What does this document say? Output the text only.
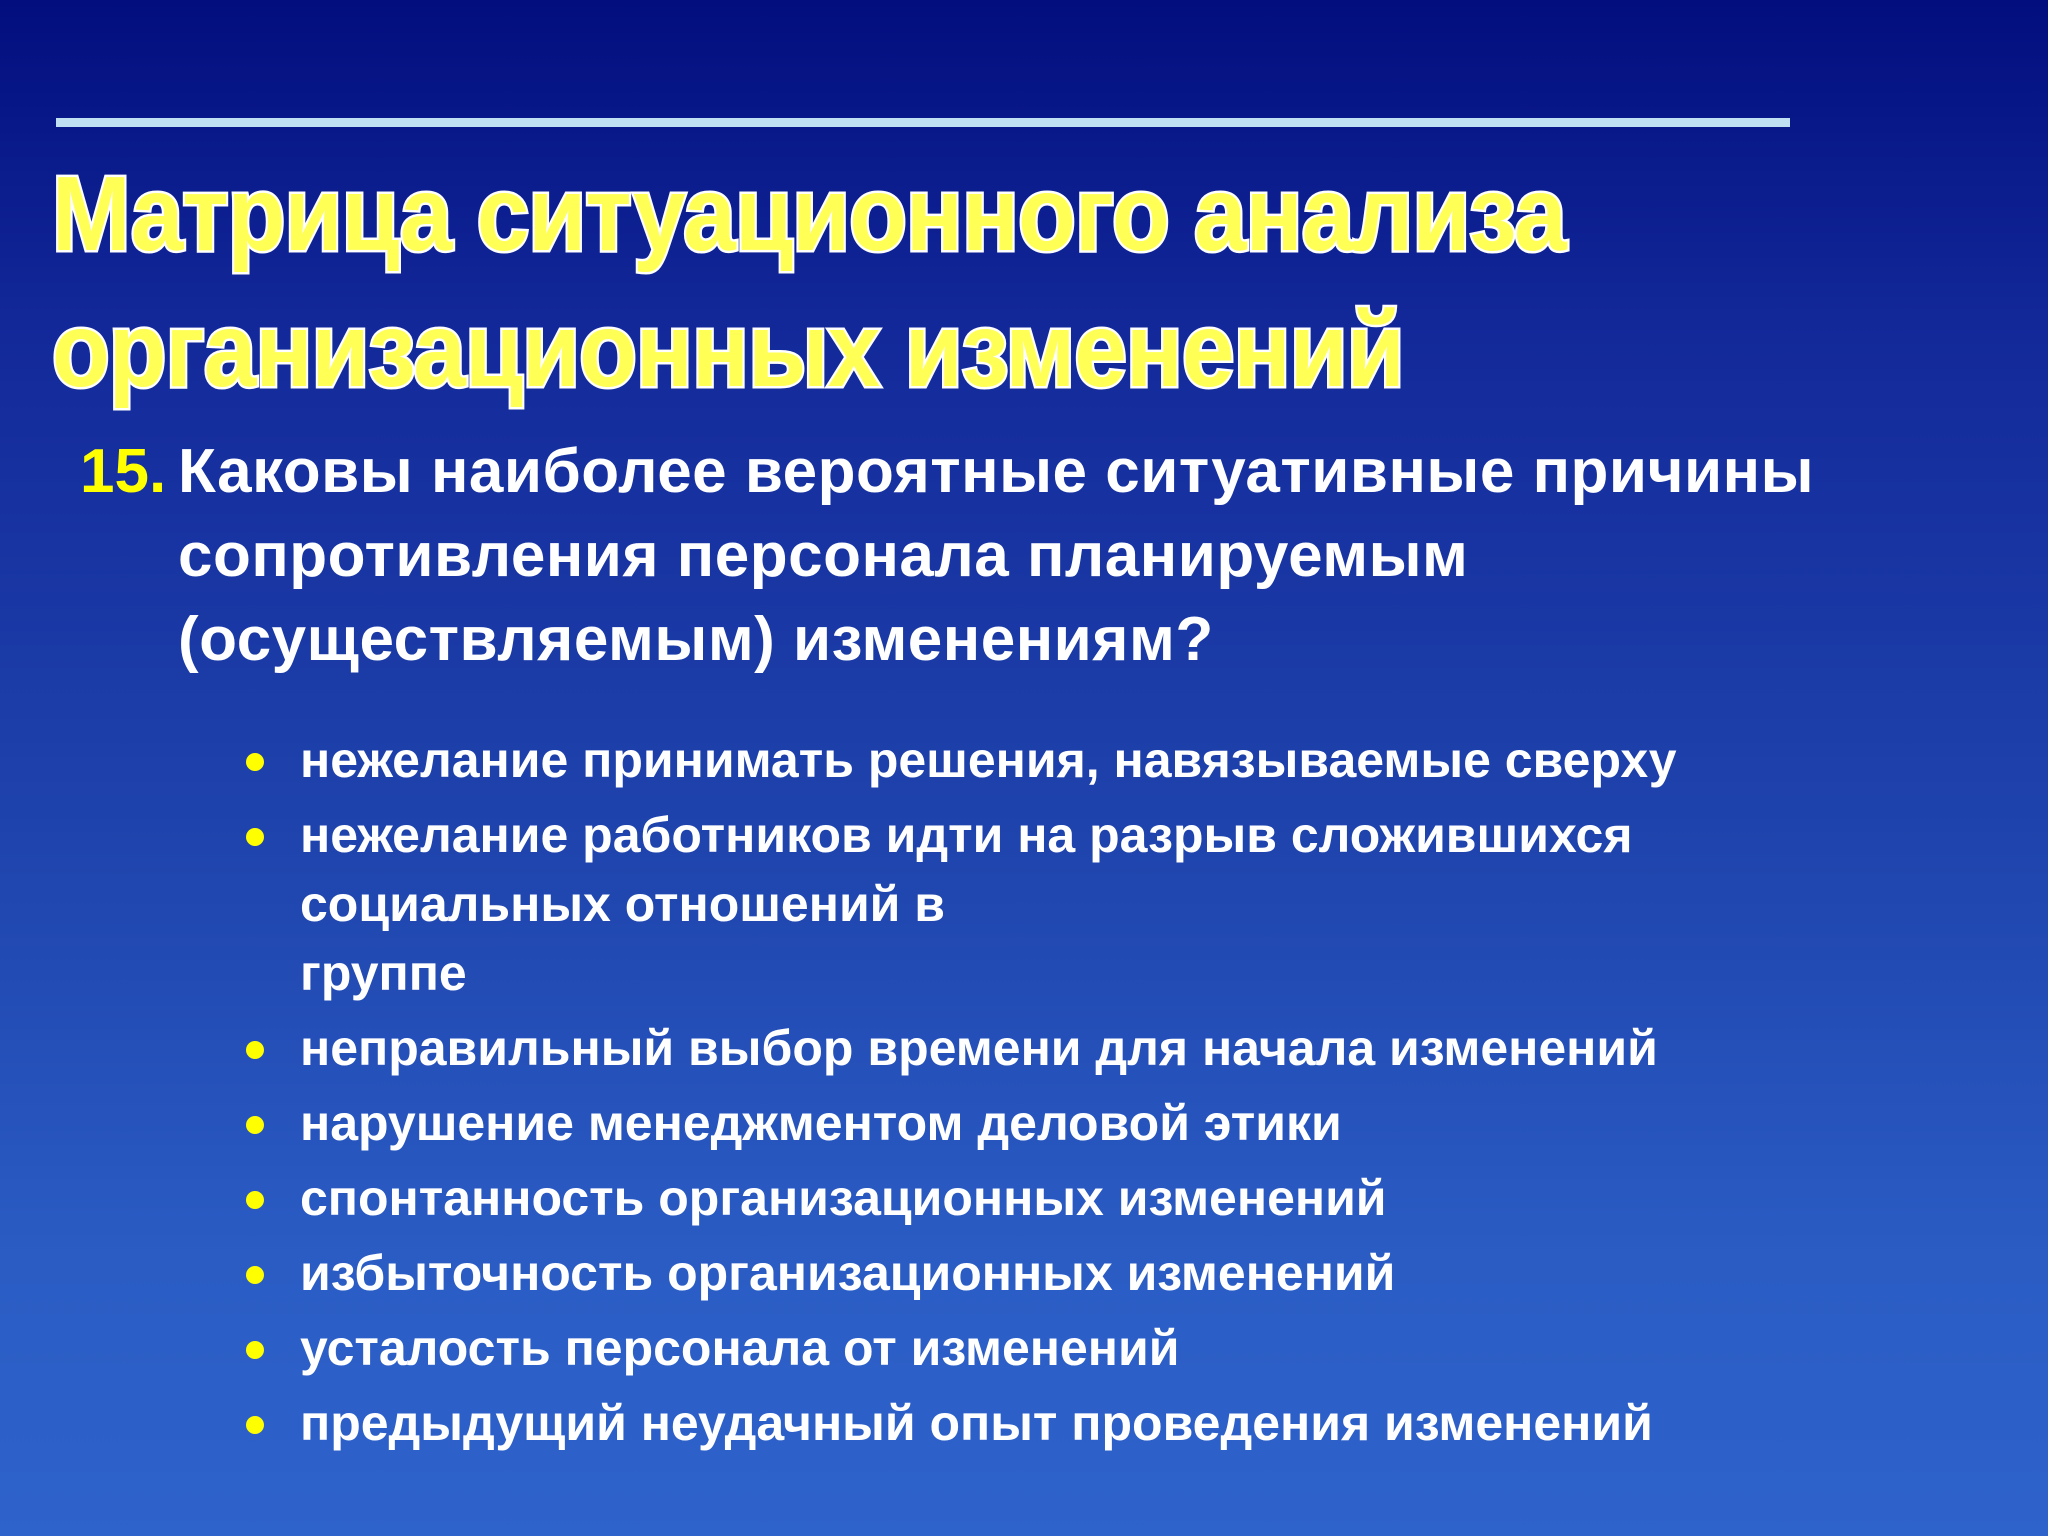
Матрица ситуационного анализа
организационных изменений
15. Каковы наиболее вероятные ситуативные причины
сопротивления персонала планируемым
(осуществляемым) изменениям?
нежелание принимать решения, навязываемые сверху
нежелание работников идти на разрыв сложившихся
социальных отношений в
группе
неправильный выбор времени для начала изменений
нарушение менеджментом деловой этики
спонтанность организационных изменений
избыточность организационных изменений
усталость персонала от изменений
предыдущий неудачный опыт проведения изменений
